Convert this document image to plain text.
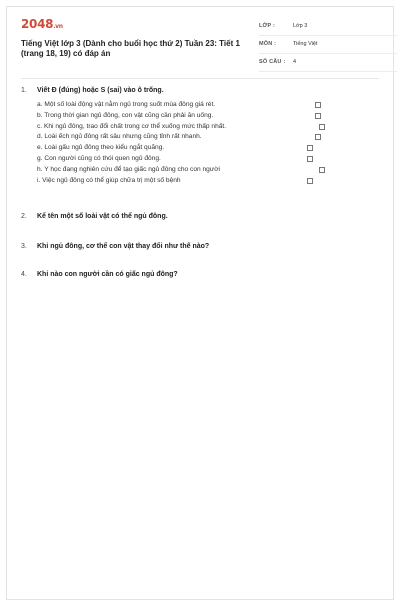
2048.vn
Tiếng Việt lớp 3 (Dành cho buổi học thứ 2) Tuần 23: Tiết 1 (trang 18, 19) có đáp án
LỚP :	Lớp 3
MÔN :	Tiếng Việt
SỐ CÂU : 4
1. Viết Đ (đúng) hoặc S (sai) vào ô trống.
a. Một số loài động vật nằm ngủ trong suốt mùa đông giá rét.
b. Trong thời gian ngủ đông, con vật cũng cần phải ăn uống.
c. Khi ngủ đông, trao đổi chất trong cơ thể xuống mức thấp nhất.
d. Loài ếch ngủ đông rất sâu nhưng cũng tỉnh rất nhanh.
e. Loài gấu ngủ đông theo kiểu ngắt quãng.
g. Con người cũng có thói quen ngủ đông.
h. Y học đang nghiên cứu để tạo giấc ngủ đông cho con người
i. Việc ngủ đông có thể giúp chữa trị một số bệnh
2. Kể tên một số loài vật có thể ngủ đông.
3. Khi ngủ đông, cơ thể con vật thay đổi như thế nào?
4. Khi nào con người cần có giấc ngủ đông?
